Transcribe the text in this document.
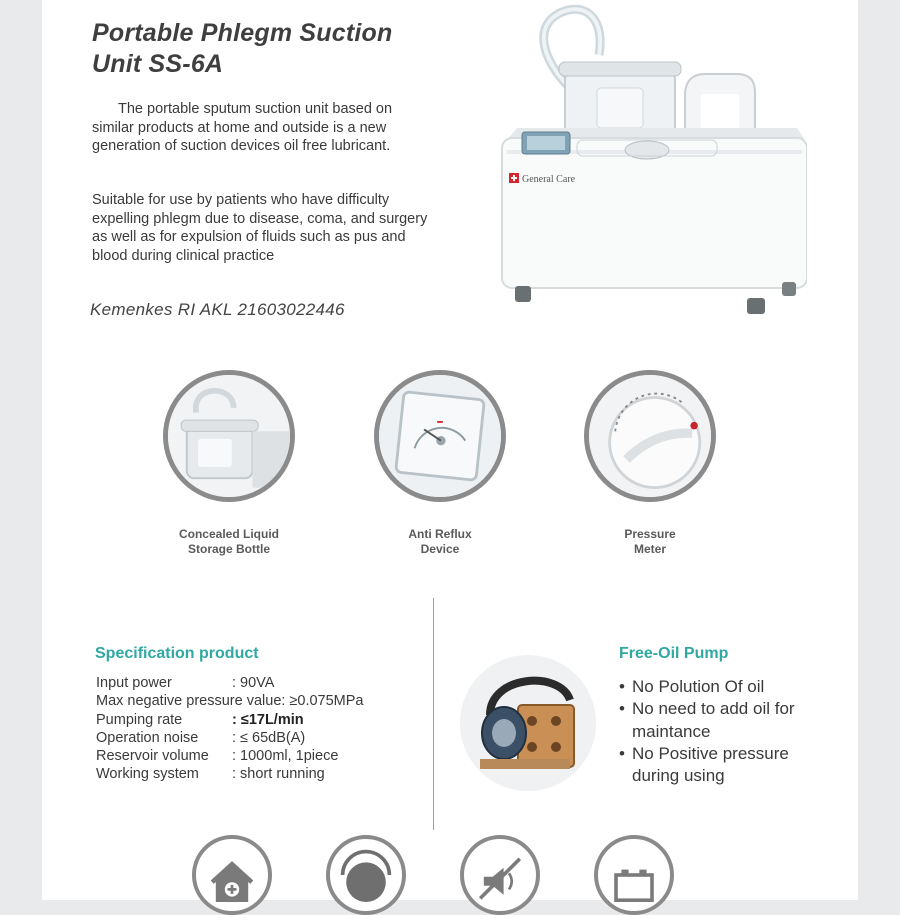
Portable Phlegm Suction
Unit SS-6A

The portable sputum suction unit based on similar products at home and outside is a new generation of suction devices oil free lubricant.

Suitable for use by patients who have difficulty expelling phlegm due to disease, coma, and surgery as well as for expulsion of fluids such as pus and blood during clinical practice

Kemenkes RI AKL 21603022446

General Care
Concealed Liquid
Storage Bottle
Anti Reflux
Device
Pressure
Meter
Specification product
Input power	: 90VA
Max negative pressure value: ≥0.075MPa	
Pumping rate	: ≤17L/min
Operation noise	: ≤ 65dB(A)
Reservoir volume	: 1000ml, 1piece
Working system	: short running
Free-Oil Pump
• No Polution Of oil
• No need to add oil for maintance
• No Positive pressure during using
